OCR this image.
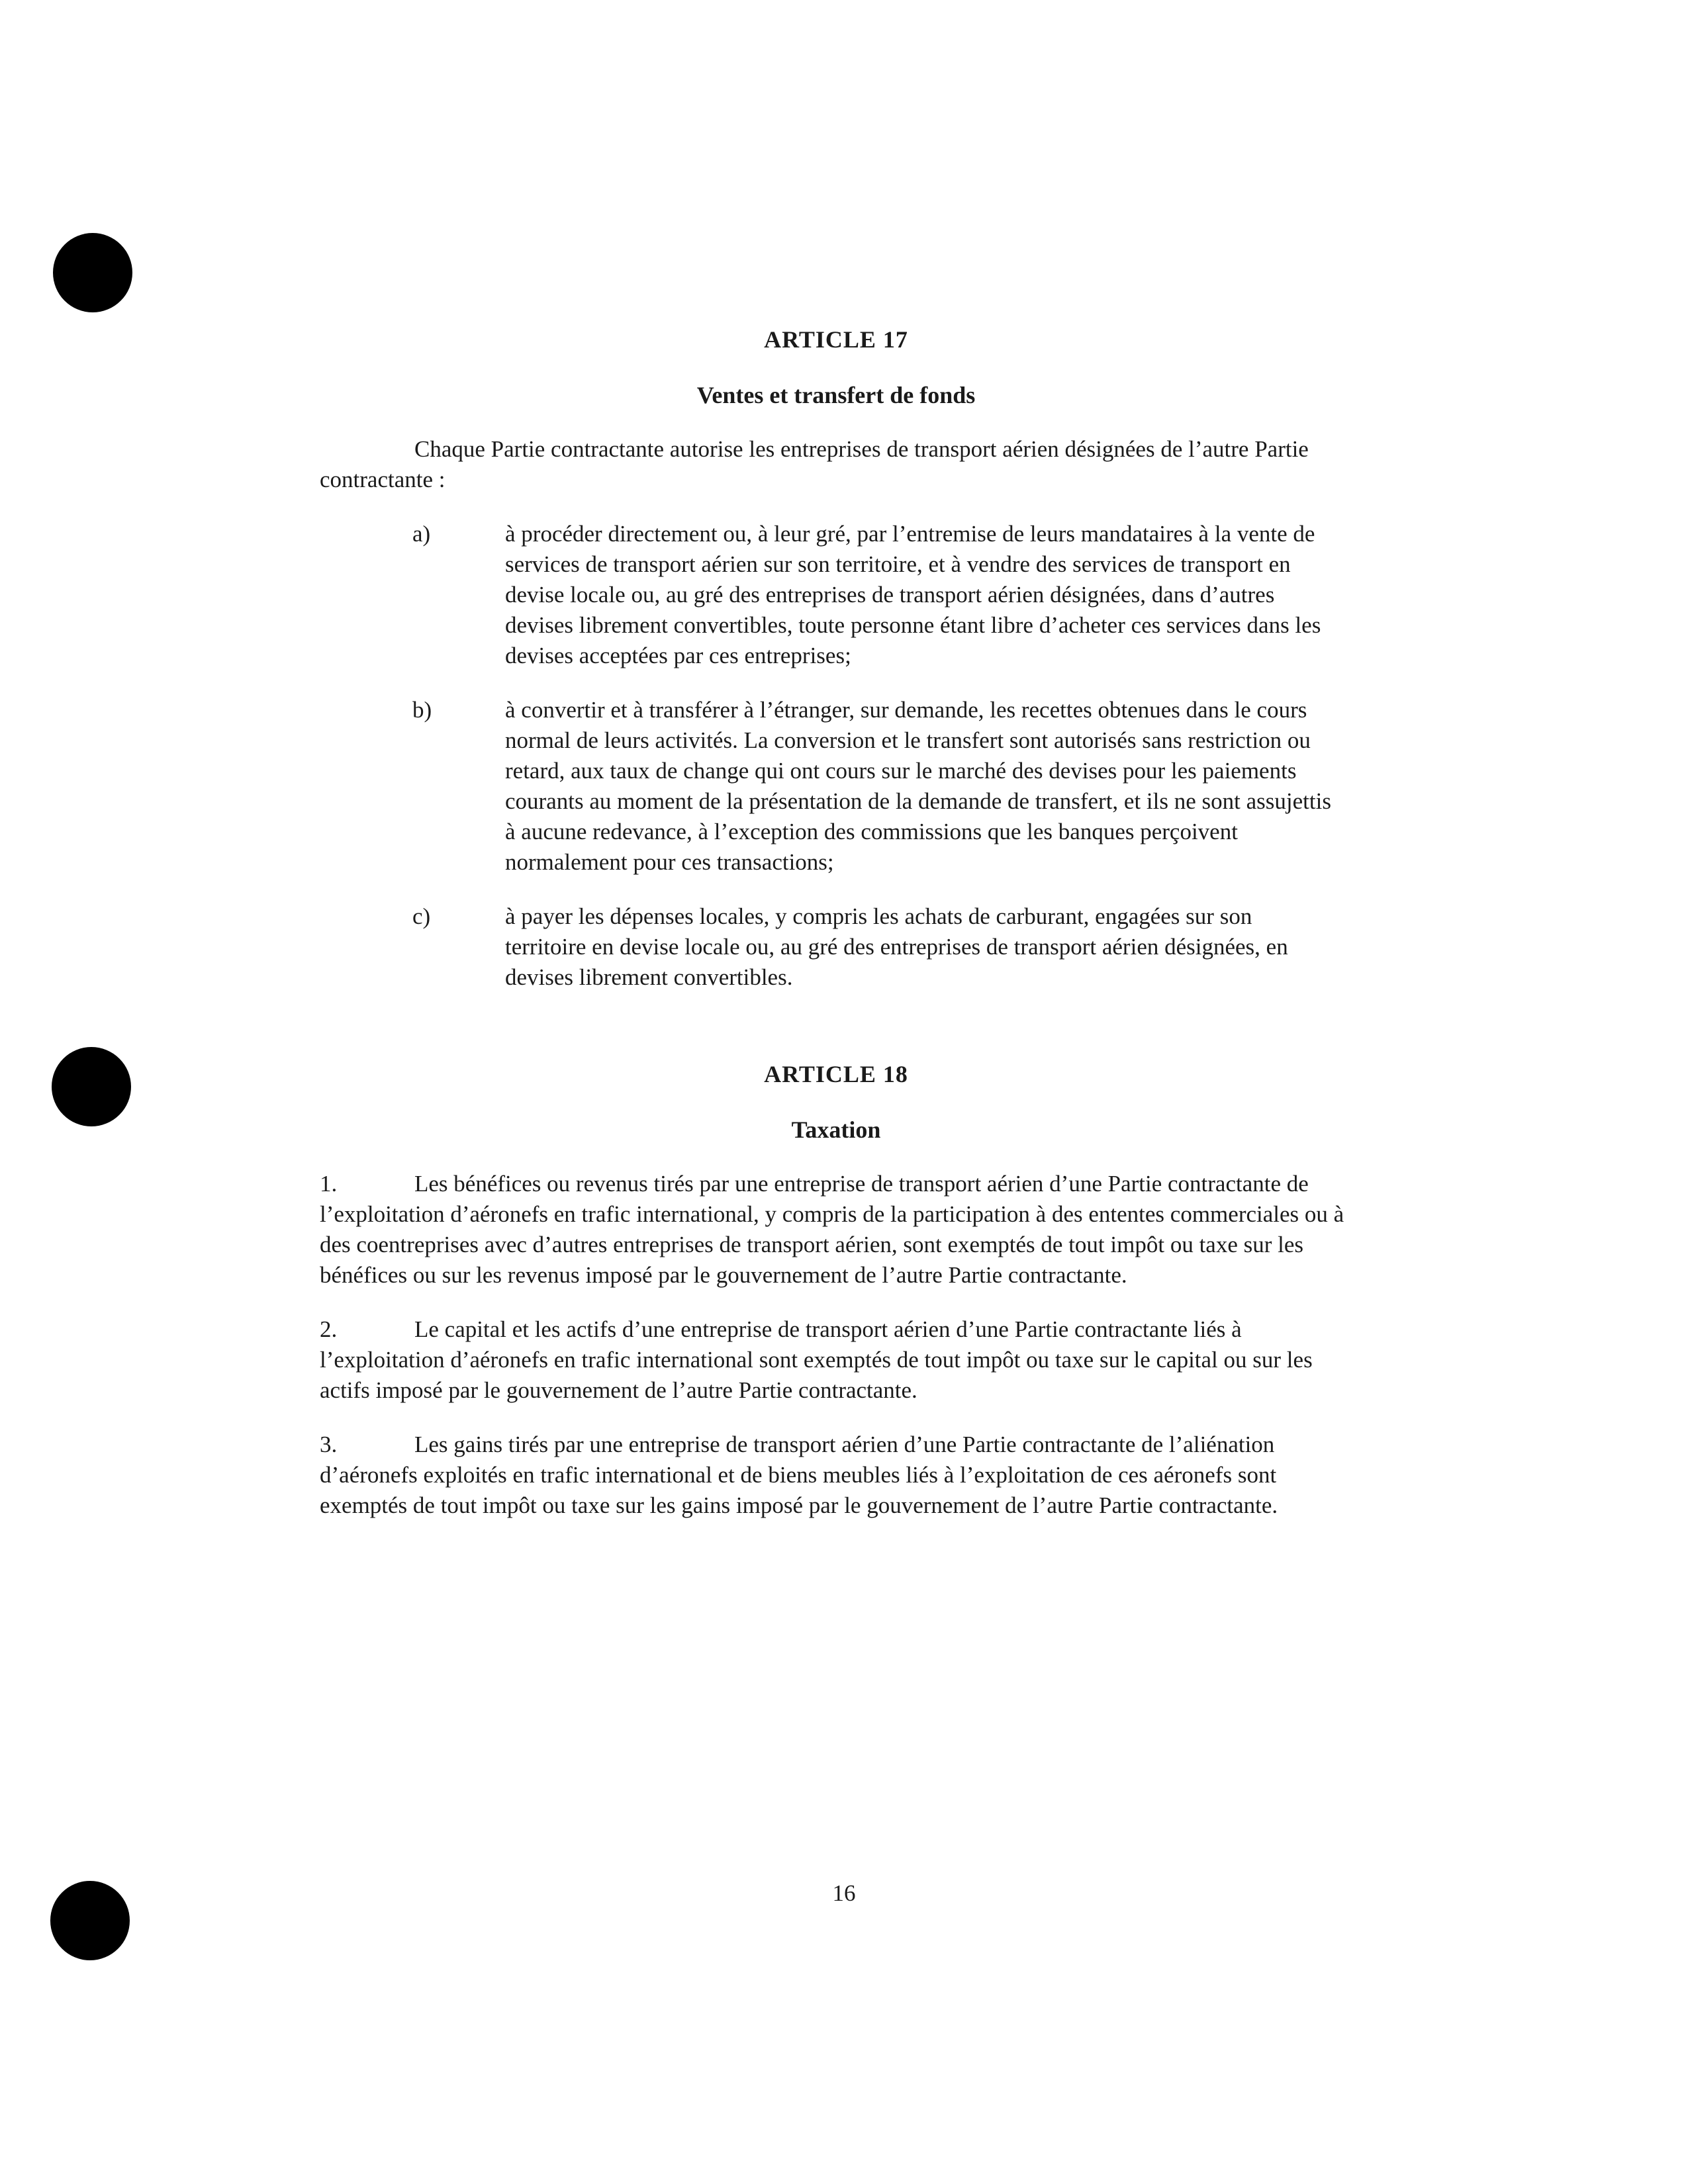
ARTICLE 17
Ventes et transfert de fonds

Chaque Partie contractante autorise les entreprises de transport aérien désignées de l’autre Partie contractante :

a)	à procéder directement ou, à leur gré, par l’entremise de leurs mandataires à la vente de services de transport aérien sur son territoire, et à vendre des services de transport en devise locale ou, au gré des entreprises de transport aérien désignées, dans d’autres devises librement convertibles, toute personne étant libre d’acheter ces services dans les devises acceptées par ces entreprises;
b)	à convertir et à transférer à l’étranger, sur demande, les recettes obtenues dans le cours normal de leurs activités. La conversion et le transfert sont autorisés sans restriction ou retard, aux taux de change qui ont cours sur le marché des devises pour les paiements courants au moment de la présentation de la demande de transfert, et ils ne sont assujettis à aucune redevance, à l’exception des commissions que les banques perçoivent normalement pour ces transactions;
c)	à payer les dépenses locales, y compris les achats de carburant, engagées sur son territoire en devise locale ou, au gré des entreprises de transport aérien désignées, en devises librement convertibles.
ARTICLE 18
Taxation

1.	Les bénéfices ou revenus tirés par une entreprise de transport aérien d’une Partie contractante de l’exploitation d’aéronefs en trafic international, y compris de la participation à des ententes commerciales ou à des coentreprises avec d’autres entreprises de transport aérien, sont exemptés de tout impôt ou taxe sur les bénéfices ou sur les revenus imposé par le gouvernement de l’autre Partie contractante.

2.	Le capital et les actifs d’une entreprise de transport aérien d’une Partie contractante liés à l’exploitation d’aéronefs en trafic international sont exemptés de tout impôt ou taxe sur le capital ou sur les actifs imposé par le gouvernement de l’autre Partie contractante.

3.	Les gains tirés par une entreprise de transport aérien d’une Partie contractante de l’aliénation d’aéronefs exploités en trafic international et de biens meubles liés à l’exploitation de ces aéronefs sont exemptés de tout impôt ou taxe sur les gains imposé par le gouvernement de l’autre Partie contractante.

16
